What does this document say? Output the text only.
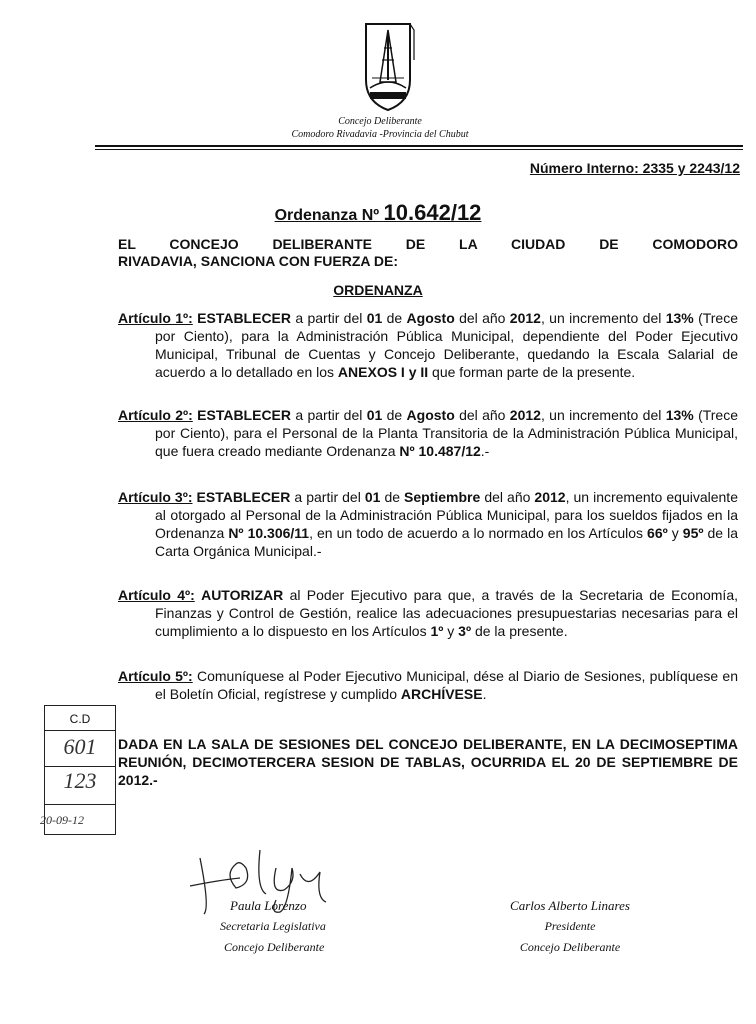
Concejo Deliberante
Comodoro Rivadavia -Provincia del Chubut
Número Interno: 2335 y 2243/12
Ordenanza Nº 10.642/12
EL CONCEJO DELIBERANTE DE LA CIUDAD DE COMODORO
RIVADAVIA, SANCIONA CON FUERZA DE:
ORDENANZA

Artículo 1º: ESTABLECER a partir del 01 de Agosto del año 2012, un incremento del 13% (Trece por Ciento), para la Administración Pública Municipal, dependiente del Poder Ejecutivo Municipal, Tribunal de Cuentas y Concejo Deliberante, quedando la Escala Salarial de acuerdo a lo detallado en los ANEXOS I y II que forman parte de la presente.

Artículo 2º: ESTABLECER a partir del 01 de Agosto del año 2012, un incremento del 13% (Trece por Ciento), para el Personal de la Planta Transitoria de la Administración Pública Municipal, que fuera creado mediante Ordenanza Nº 10.487/12.-

Artículo 3º: ESTABLECER a partir del 01 de Septiembre del año 2012, un incremento equivalente al otorgado al Personal de la Administración Pública Municipal, para los sueldos fijados en la Ordenanza Nº 10.306/11, en un todo de acuerdo a lo normado en los Artículos 66º y 95º de la Carta Orgánica Municipal.-

Artículo 4º: AUTORIZAR al Poder Ejecutivo para que, a través de la Secretaria de Economía, Finanzas y Control de Gestión, realice las adecuaciones presupuestarias necesarias para el cumplimiento a lo dispuesto en los Artículos 1º y 3º de la presente.

Artículo 5º: Comuníquese al Poder Ejecutivo Municipal, dése al Diario de Sesiones, publíquese en el Boletín Oficial, regístrese y cumplido ARCHÍVESE.

C.D
601
123
20-09-12
DADA EN LA SALA DE SESIONES DEL CONCEJO DELIBERANTE, EN LA DECIMOSEPTIMA REUNIÓN, DECIMOTERCERA SESION DE TABLAS, OCURRIDA EL 20 DE SEPTIEMBRE DE 2012.-
Paula Lorenzo
Secretaria Legislativa
Concejo Deliberante
Carlos Alberto Linares
Presidente
Concejo Deliberante
